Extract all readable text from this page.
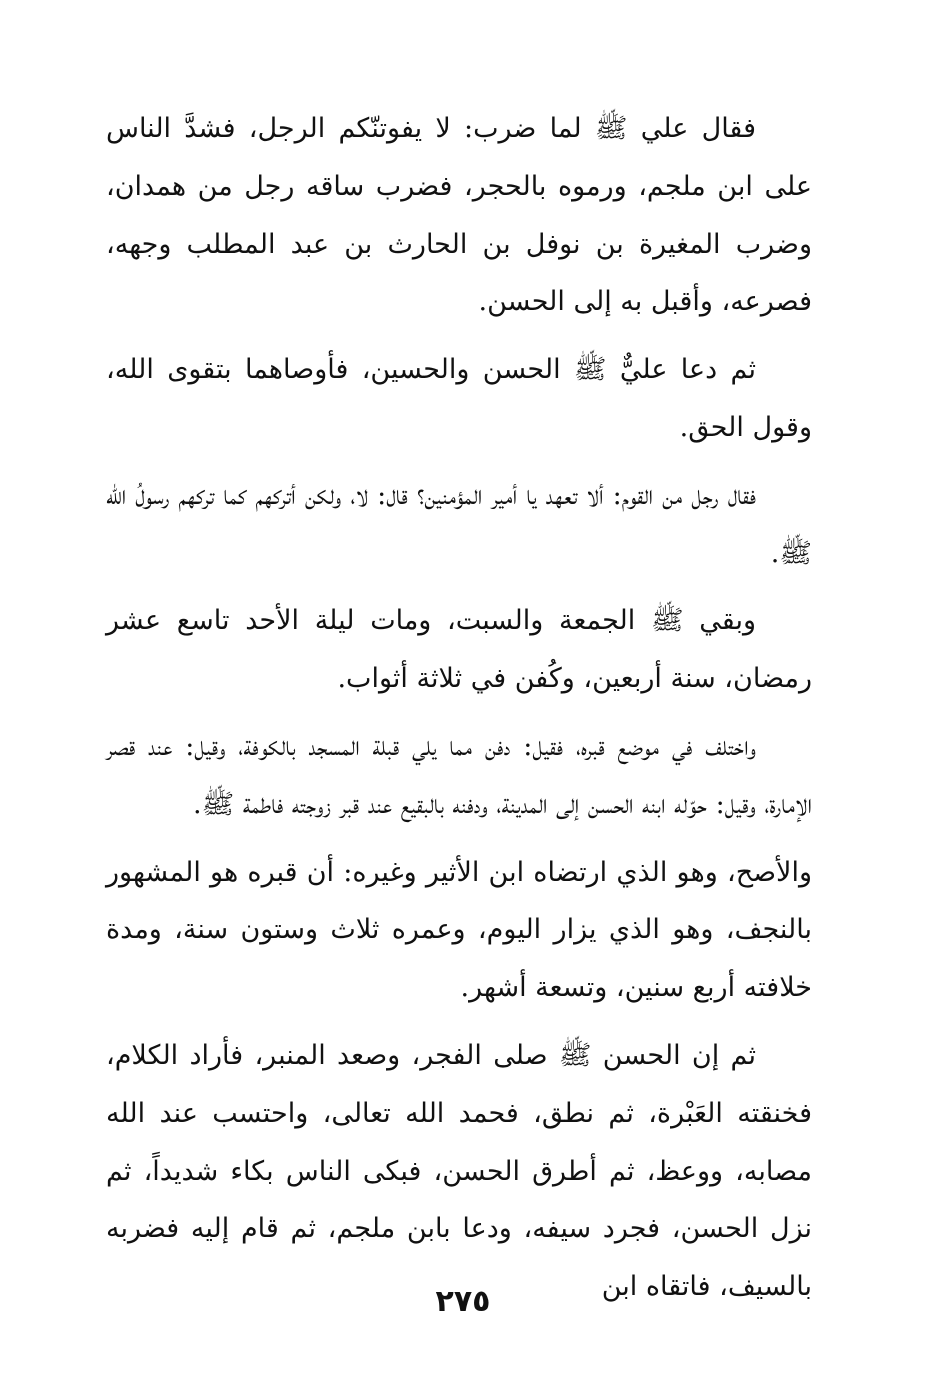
فقال علي ﷺ لما ضرب: لا يفوتنّكم الرجل، فشدَّ الناس على ابن ملجم، ورموه بالحجر، فضرب ساقه رجل من همدان، وضرب المغيرة بن نوفل بن الحارث بن عبد المطلب وجهه، فصرعه، وأقبل به إلى الحسن.

ثم دعا عليٌّ ﷺ الحسن والحسين، فأوصاهما بتقوى الله، وقول الحق.

فقال رجل من القوم: ألا تعهد يا أمير المؤمنين؟ قال: لا، ولكن أتركهم كما تركهم رسولُ الله ﷺ.

وبقي ﷺ الجمعة والسبت، ومات ليلة الأحد تاسع عشر رمضان، سنة أربعين، وكُفن في ثلاثة أثواب.

واختلف في موضع قبره، فقيل: دفن مما يلي قبلة المسجد بالكوفة، وقيل: عند قصر الإمارة، وقيل: حوّله ابنه الحسن إلى المدينة، ودفنه بالبقيع عند قبر زوجته فاطمة ﷺ.

والأصح، وهو الذي ارتضاه ابن الأثير وغيره: أن قبره هو المشهور بالنجف، وهو الذي يزار اليوم، وعمره ثلاث وستون سنة، ومدة خلافته أربع سنين، وتسعة أشهر.

ثم إن الحسن ﷺ صلى الفجر، وصعد المنبر، فأراد الكلام، فخنقته العَبْرة، ثم نطق، فحمد الله تعالى، واحتسب عند الله مصابه، ووعظ، ثم أطرق الحسن، فبكى الناس بكاء شديداً، ثم نزل الحسن، فجرد سيفه، ودعا بابن ملجم، ثم قام إليه فضربه بالسيف، فاتقاه ابن

٢٧٥
